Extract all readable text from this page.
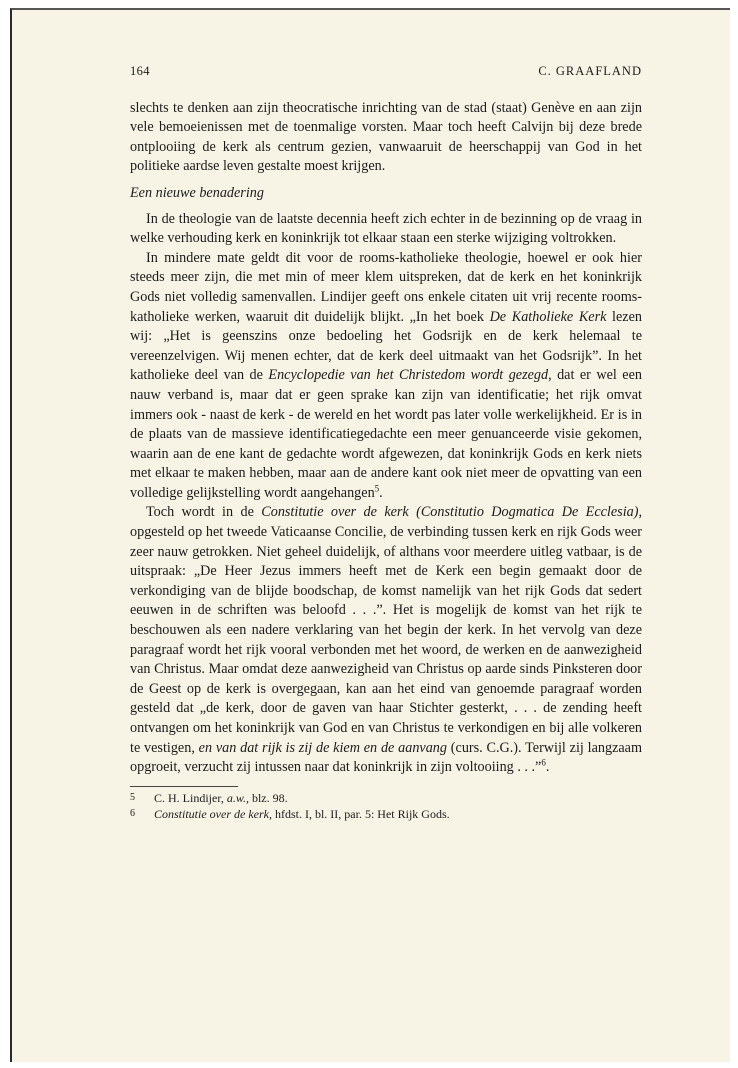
164	C. GRAAFLAND

slechts te denken aan zijn theocratische inrichting van de stad (staat) Genève en aan zijn vele bemoeienissen met de toenmalige vorsten. Maar toch heeft Calvijn bij deze brede ontplooiing de kerk als centrum gezien, vanwaaruit de heerschappij van God in het politieke aardse leven gestalte moest krijgen.

Een nieuwe benadering

In de theologie van de laatste decennia heeft zich echter in de bezinning op de vraag in welke verhouding kerk en koninkrijk tot elkaar staan een sterke wijziging voltrokken.

In mindere mate geldt dit voor de rooms-katholieke theologie, hoewel er ook hier steeds meer zijn, die met min of meer klem uitspreken, dat de kerk en het koninkrijk Gods niet volledig samenvallen. Lindijer geeft ons enkele citaten uit vrij recente rooms-katholieke werken, waaruit dit duidelijk blijkt. „In het boek De Katholieke Kerk lezen wij: „Het is geenszins onze bedoeling het Godsrijk en de kerk helemaal te vereenzelvigen. Wij menen echter, dat de kerk deel uitmaakt van het Godsrijk”. In het katholieke deel van de Encyclopedie van het Christedom wordt gezegd, dat er wel een nauw verband is, maar dat er geen sprake kan zijn van identificatie; het rijk omvat immers ook - naast de kerk - de wereld en het wordt pas later volle werkelijkheid. Er is in de plaats van de massieve identificatiegedachte een meer genuanceerde visie gekomen, waarin aan de ene kant de gedachte wordt afgewezen, dat koninkrijk Gods en kerk niets met elkaar te maken hebben, maar aan de andere kant ook niet meer de opvatting van een volledige gelijkstelling wordt aangehangen$^5$.

Toch wordt in de Constitutie over de kerk (Constitutio Dogmatica De Ecclesia), opgesteld op het tweede Vaticaanse Concilie, de verbinding tussen kerk en rijk Gods weer zeer nauw getrokken. Niet geheel duidelijk, of althans voor meerdere uitleg vatbaar, is de uitspraak: „De Heer Jezus immers heeft met de Kerk een begin gemaakt door de verkondiging van de blijde boodschap, de komst namelijk van het rijk Gods dat sedert eeuwen in de schriften was beloofd . . .”. Het is mogelijk de komst van het rijk te beschouwen als een nadere verklaring van het begin der kerk. In het vervolg van deze paragraaf wordt het rijk vooral verbonden met het woord, de werken en de aanwezigheid van Christus. Maar omdat deze aanwezigheid van Christus op aarde sinds Pinksteren door de Geest op de kerk is overgegaan, kan aan het eind van genoemde paragraaf worden gesteld dat „de kerk, door de gaven van haar Stichter gesterkt, . . . de zending heeft ontvangen om het koninkrijk van God en van Christus te verkondigen en bij alle volkeren te vestigen, en van dat rijk is zij de kiem en de aanvang (curs. C.G.). Terwijl zij langzaam opgroeit, verzucht zij intussen naar dat koninkrijk in zijn voltooiing . . .”$^6$.

5	C. H. Lindijer, a.w., blz. 98.
6	Constitutie over de kerk, hfdst. I, bl. II, par. 5: Het Rijk Gods.
